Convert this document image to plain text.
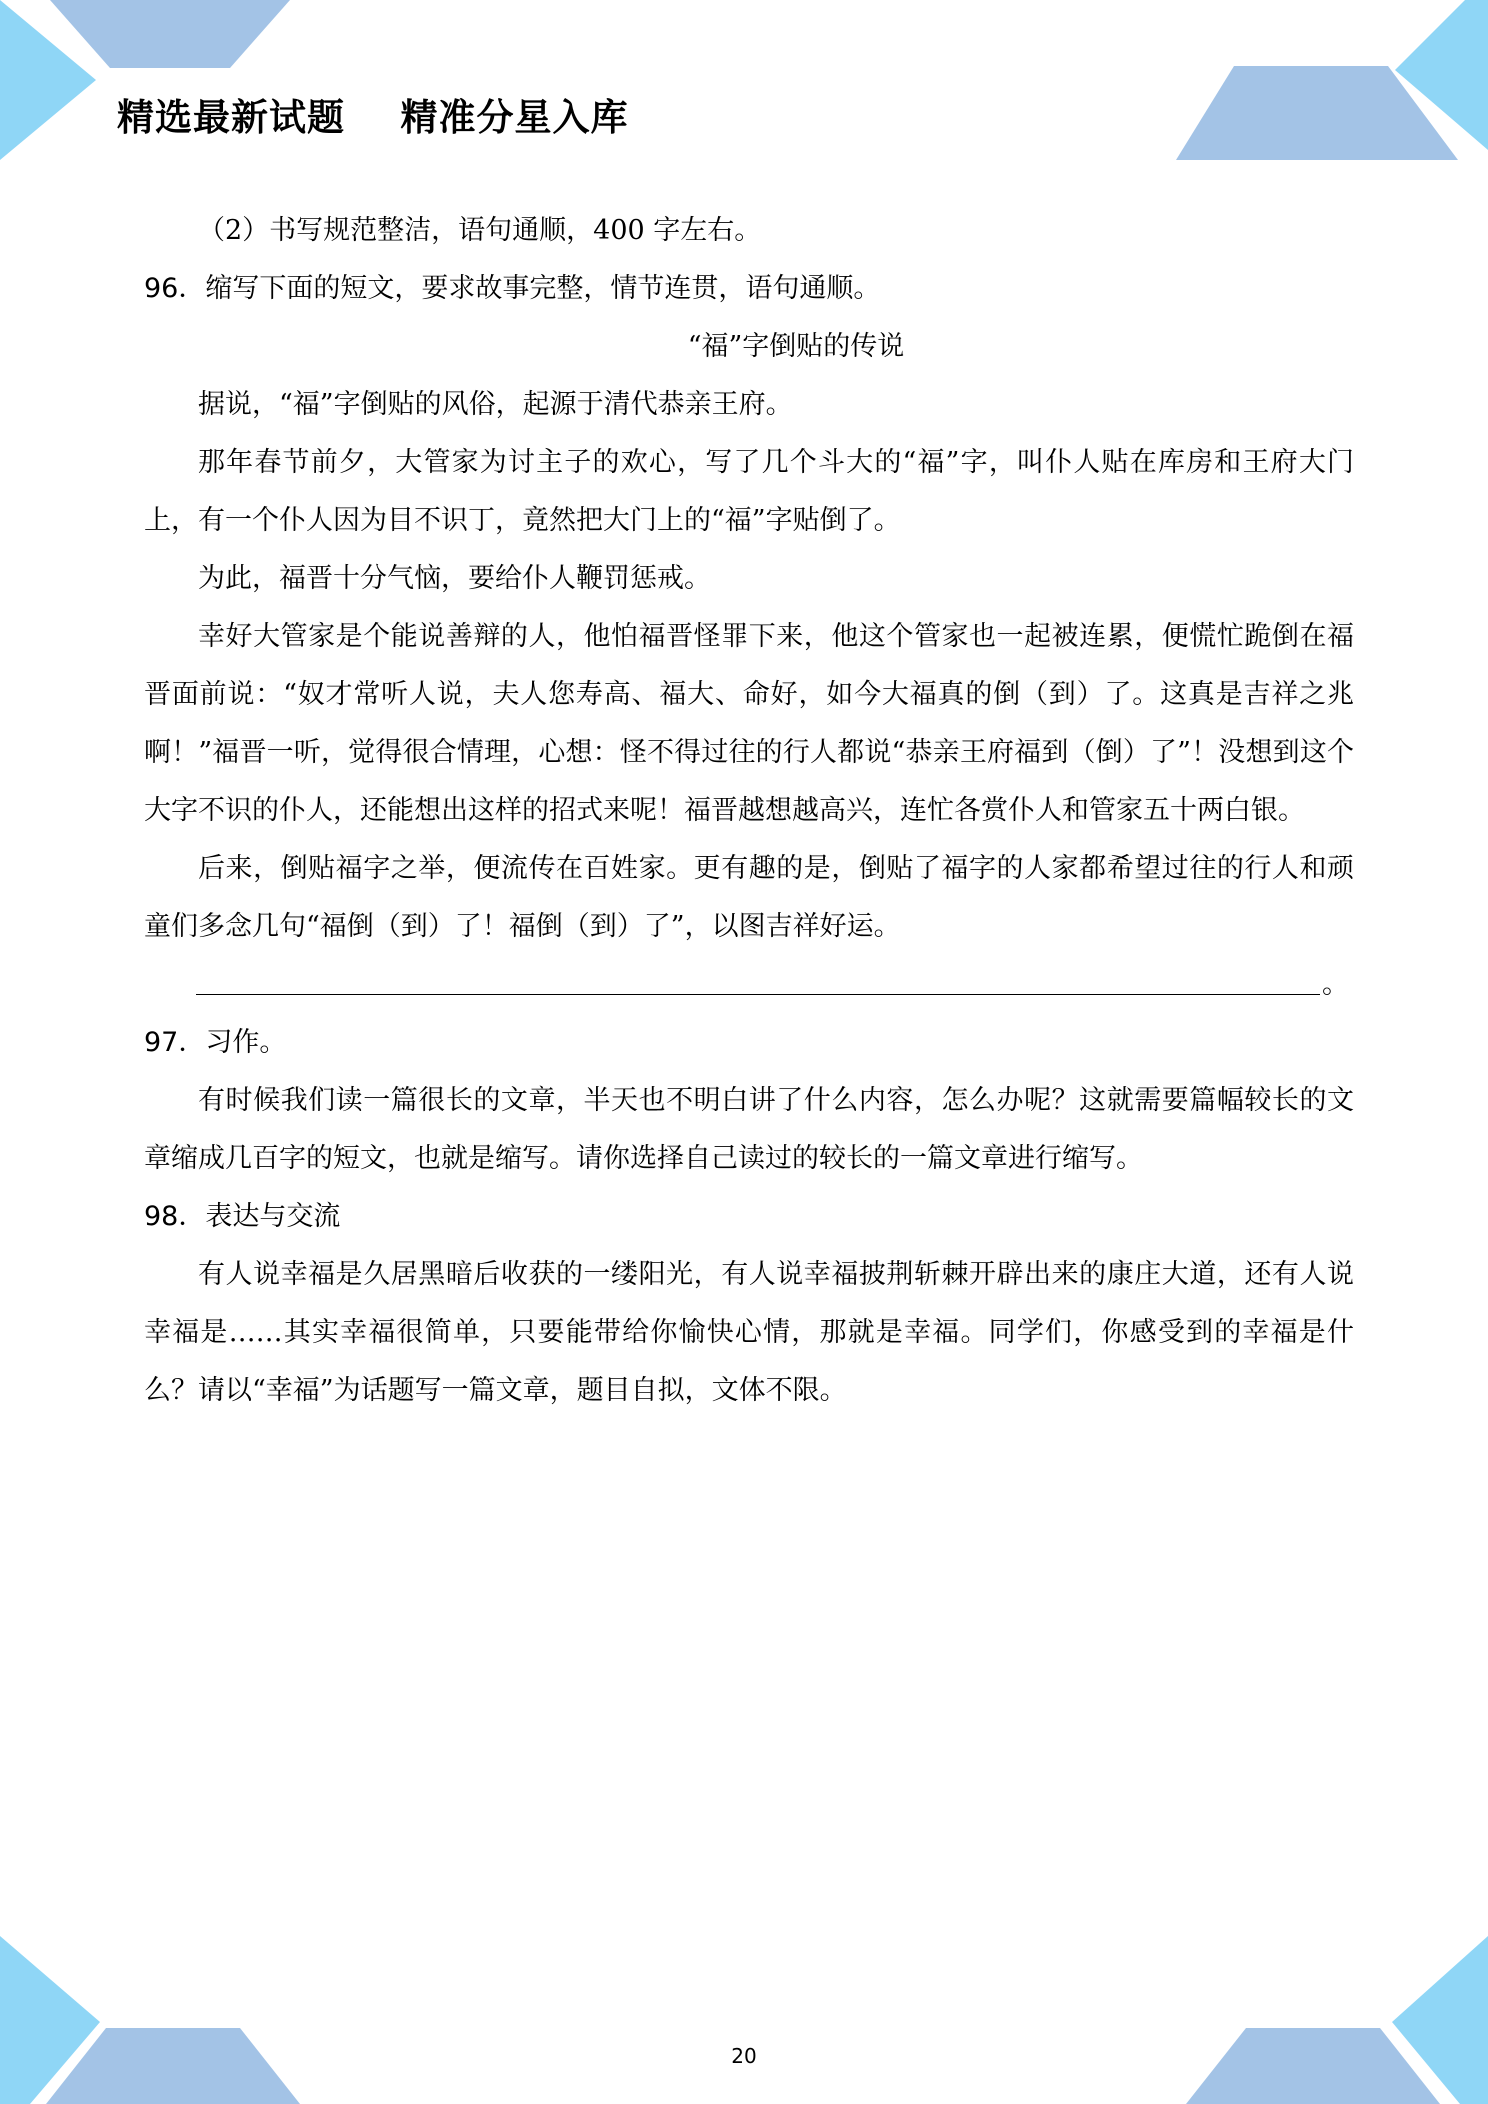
精选最新试题    精准分星入库

（2）书写规范整洁，语句通顺，400 字左右。

96．缩写下面的短文，要求故事完整，情节连贯，语句通顺。

“福”字倒贴的传说

据说，“福”字倒贴的风俗，起源于清代恭亲王府。

那年春节前夕，大管家为讨主子的欢心，写了几个斗大的“福”字，叫仆人贴在库房和王府大门上，有一个仆人因为目不识丁，竟然把大门上的“福”字贴倒了。

为此，福晋十分气恼，要给仆人鞭罚惩戒。

幸好大管家是个能说善辩的人，他怕福晋怪罪下来，他这个管家也一起被连累，便慌忙跪倒在福晋面前说：“奴才常听人说，夫人您寿高、福大、命好，如今大福真的倒（到）了。这真是吉祥之兆啊！”福晋一听，觉得很合情理，心想：怪不得过往的行人都说“恭亲王府福到（倒）了”！没想到这个大字不识的仆人，还能想出这样的招式来呢！福晋越想越高兴，连忙各赏仆人和管家五十两白银。

后来，倒贴福字之举，便流传在百姓家。更有趣的是，倒贴了福字的人家都希望过往的行人和顽童们多念几句“福倒（到）了！福倒（到）了”，以图吉祥好运。

。

97．习作。

有时候我们读一篇很长的文章，半天也不明白讲了什么内容，怎么办呢？这就需要篇幅较长的文章缩成几百字的短文，也就是缩写。请你选择自己读过的较长的一篇文章进行缩写。

98．表达与交流

有人说幸福是久居黑暗后收获的一缕阳光，有人说幸福披荆斩棘开辟出来的康庄大道，还有人说幸福是……其实幸福很简单，只要能带给你愉快心情，那就是幸福。同学们，你感受到的幸福是什么？请以“幸福”为话题写一篇文章，题目自拟，文体不限。

20
